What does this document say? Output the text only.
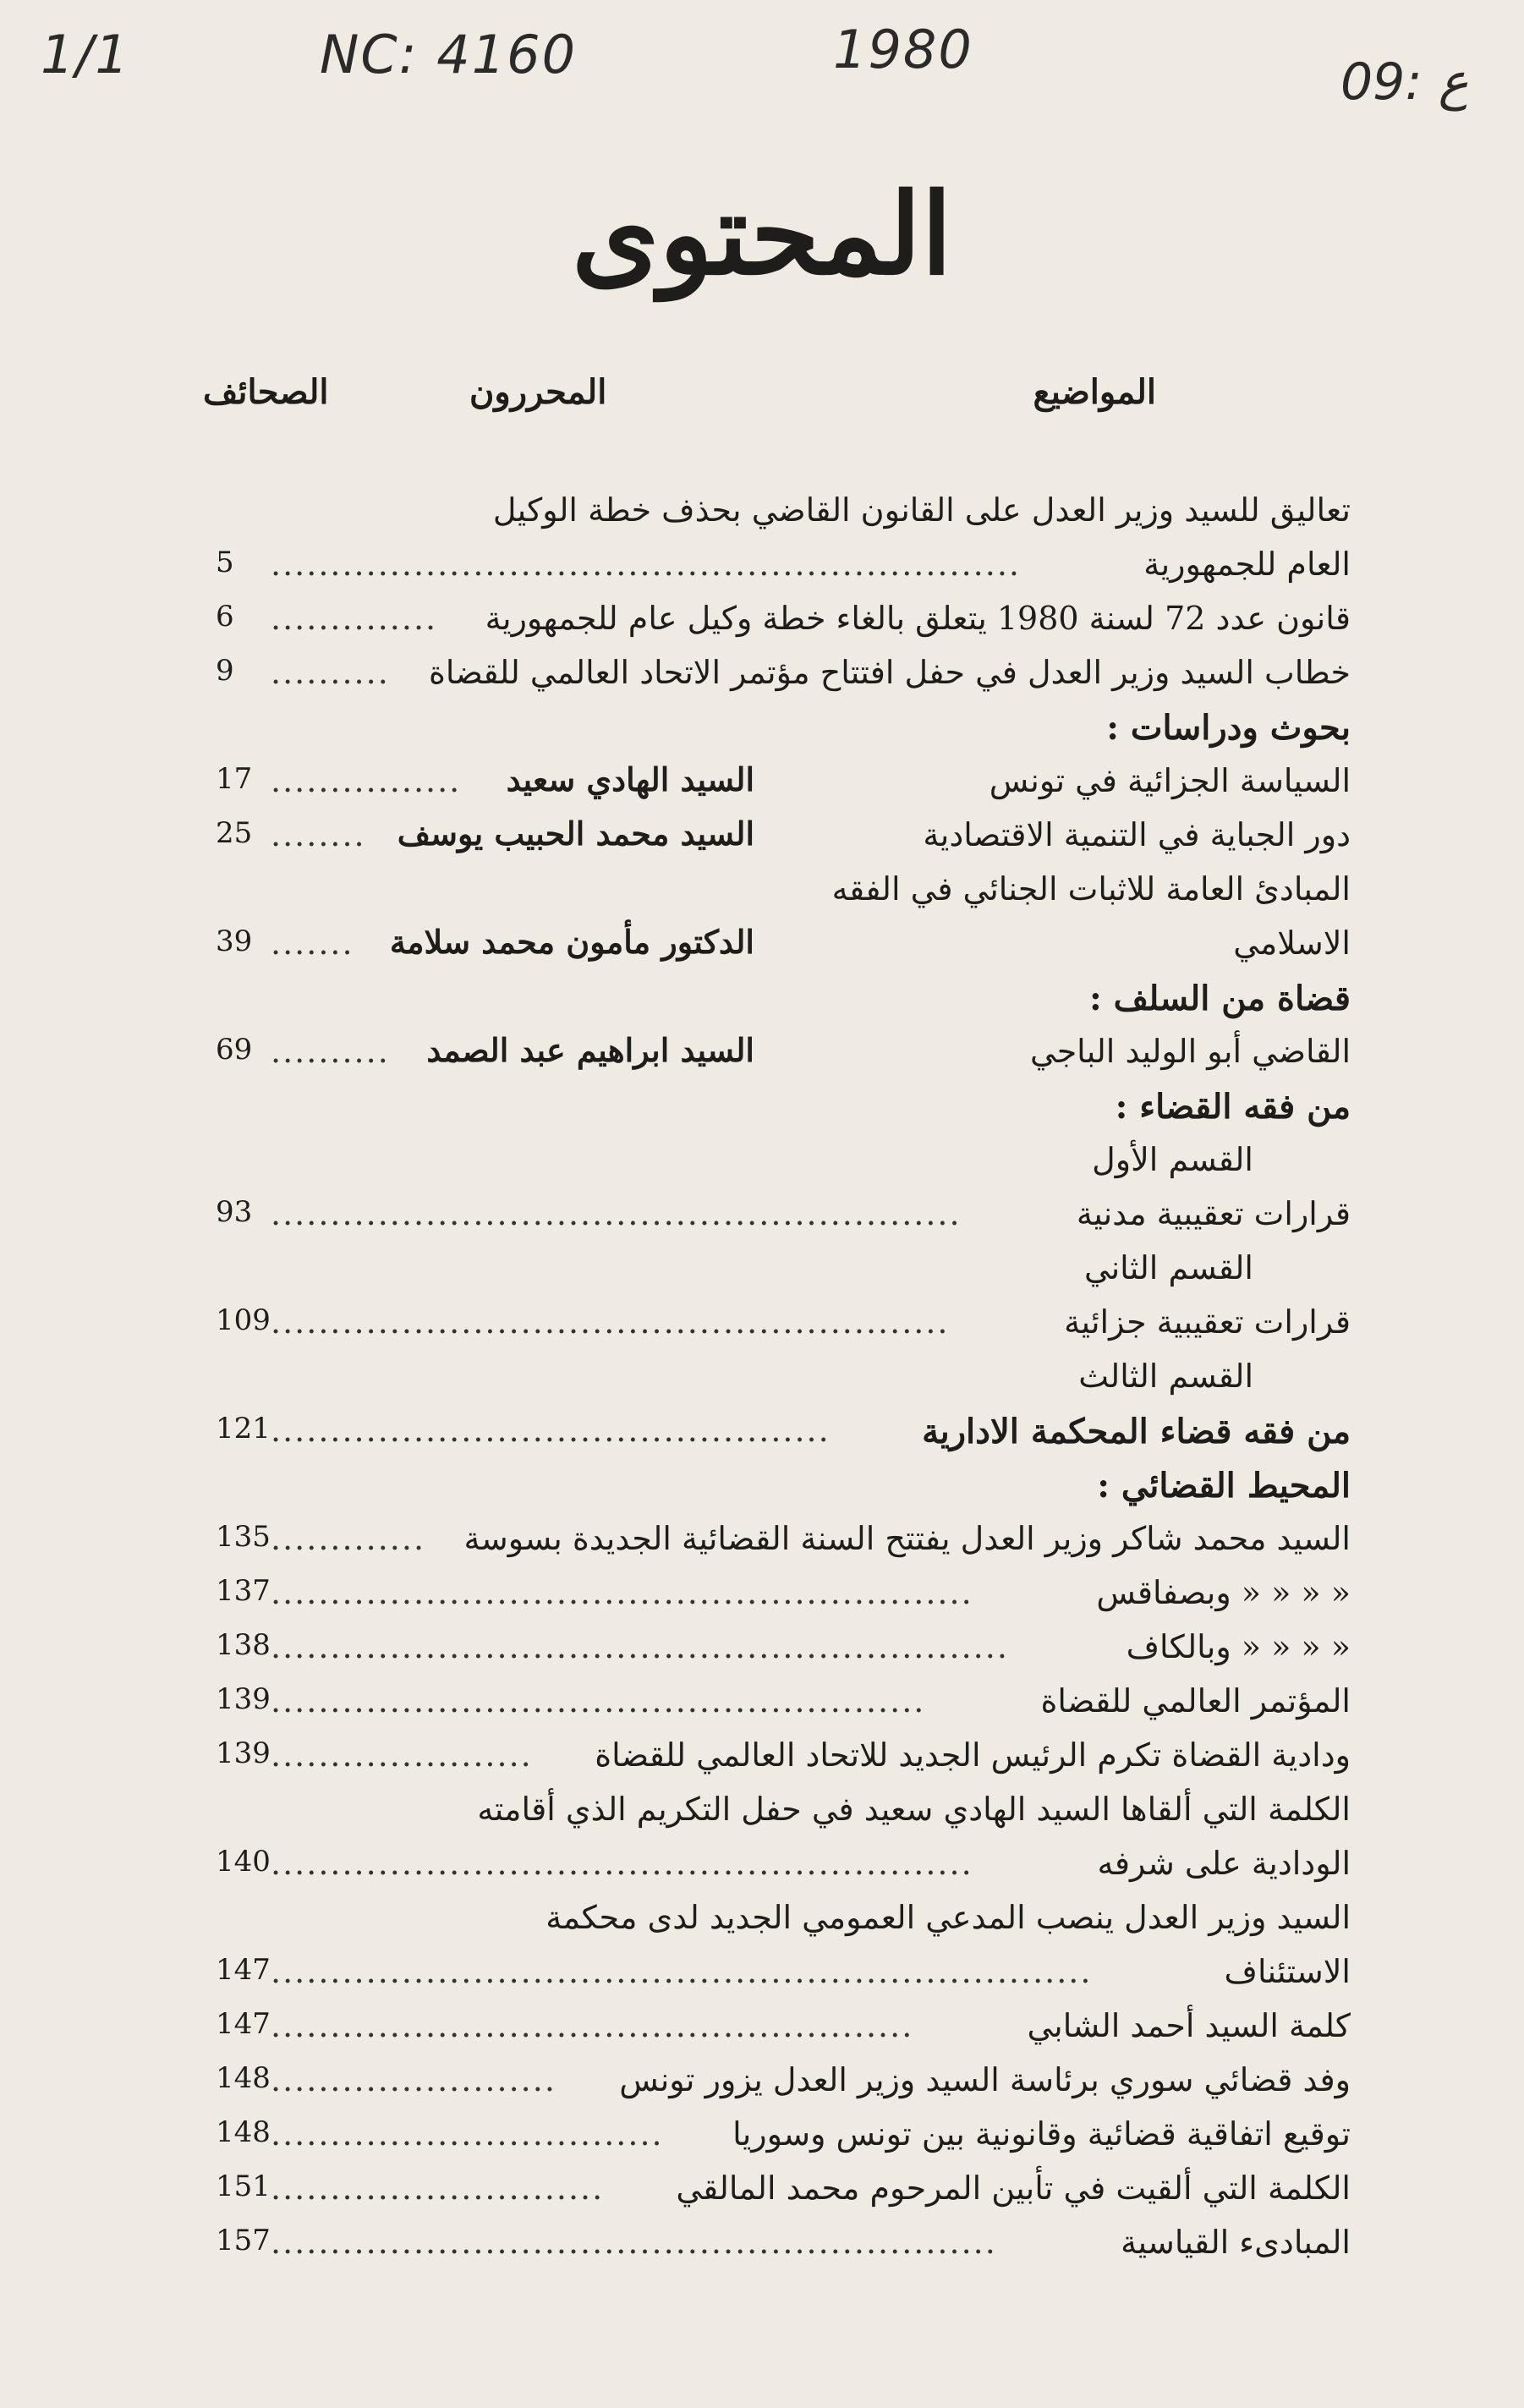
1/1	NC: 4160	1980
09: ع
المحتوى
المواضيع
المحررون
الصحائف
تعاليق للسيد وزير العدل على القانون القاضي بحذف خطة الوكيل
العام للجمهورية
...............................................................
5
قانون عدد 72 لسنة 1980 يتعلق بالغاء خطة وكيل عام للجمهورية
..............
6
خطاب السيد وزير العدل في حفل افتتاح مؤتمر الاتحاد العالمي للقضاة
..........
9
بحوث ودراسات :
السياسة الجزائية في تونس
السيد الهادي سعيد
................
17
دور الجباية في التنمية الاقتصادية
السيد محمد الحبيب يوسف
........
25
المبادئ العامة للاثبات الجنائي في الفقه
الاسلامي
الدكتور مأمون محمد سلامة
.......
39
قضاة من السلف :
القاضي أبو الوليد الباجي
السيد ابراهيم عبد الصمد
..........
69
من فقه القضاء :
القسم الأول
قرارات تعقيبية مدنية
..........................................................
93
القسم الثاني
قرارات تعقيبية جزائية
.........................................................
109
القسم الثالث
من فقه قضاء المحكمة الادارية
...............................................
121
المحيط القضائي :
السيد محمد شاكر وزير العدل يفتتح السنة القضائية الجديدة بسوسة
.............
135
« « « « وبصفاقس
...........................................................
137
« « « « وبالكاف
..............................................................
138
المؤتمر العالمي للقضاة
.......................................................
139
ودادية القضاة تكرم الرئيس الجديد للاتحاد العالمي للقضاة
......................
139
الكلمة التي ألقاها السيد الهادي سعيد في حفل التكريم الذي أقامته
الودادية على شرفه
...........................................................
140
السيد وزير العدل ينصب المدعي العمومي الجديد لدى محكمة
الاستئناف
.....................................................................
147
كلمة السيد أحمد الشابي
......................................................
147
وفد قضائي سوري برئاسة السيد وزير العدل يزور تونس
........................
148
توقيع اتفاقية قضائية وقانونية بين تونس وسوريا
.................................
148
الكلمة التي ألقيت في تأبين المرحوم محمد المالقي
............................
151
المبادىء القياسية
.............................................................
157
